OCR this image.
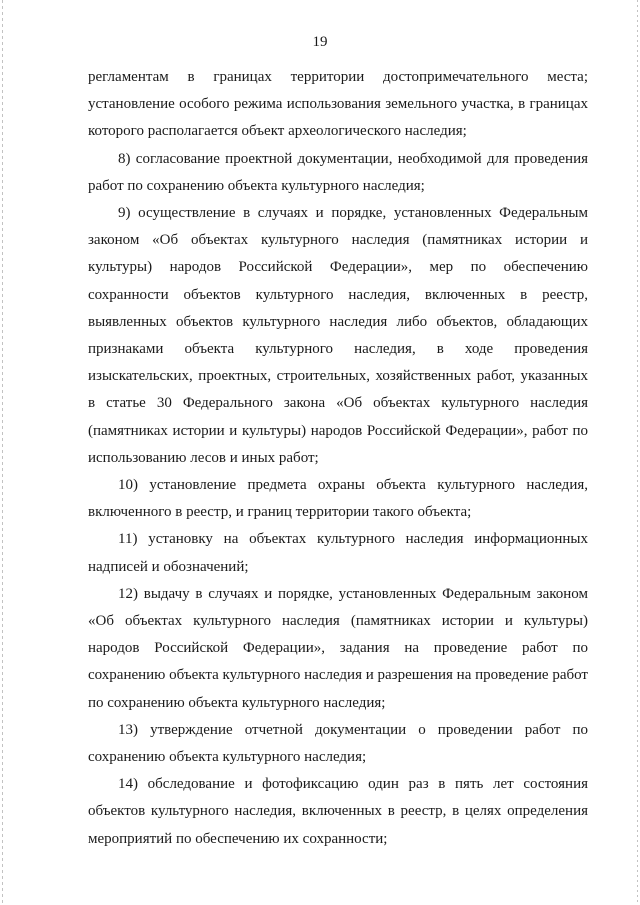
19

регламентам в границах территории достопримечательного места;

установление особого режима использования земельного участка, в границах которого располагается объект археологического наследия;

8) согласование проектной документации, необходимой для проведения работ по сохранению объекта культурного наследия;

9) осуществление в случаях и порядке, установленных Федеральным законом «Об объектах культурного наследия (памятниках истории и культуры) народов Российской Федерации», мер по обеспечению сохранности объектов культурного наследия, включенных в реестр, выявленных объектов культурного наследия либо объектов, обладающих признаками объекта культурного наследия, в ходе проведения изыскательских, проектных, строительных, хозяйственных работ, указанных в статье 30 Федерального закона «Об объектах культурного наследия (памятниках истории и культуры) народов Российской Федерации», работ по использованию лесов и иных работ;

10) установление предмета охраны объекта культурного наследия, включенного в реестр, и границ территории такого объекта;

11) установку на объектах культурного наследия информационных надписей и обозначений;

12) выдачу в случаях и порядке, установленных Федеральным законом «Об объектах культурного наследия (памятниках истории и культуры) народов Российской Федерации», задания на проведение работ по сохранению объекта культурного наследия и разрешения на проведение работ по сохранению объекта культурного наследия;

13) утверждение отчетной документации о проведении работ по сохранению объекта культурного наследия;

14) обследование и фотофиксацию один раз в пять лет состояния объектов культурного наследия, включенных в реестр, в целях определения мероприятий по обеспечению их сохранности;
